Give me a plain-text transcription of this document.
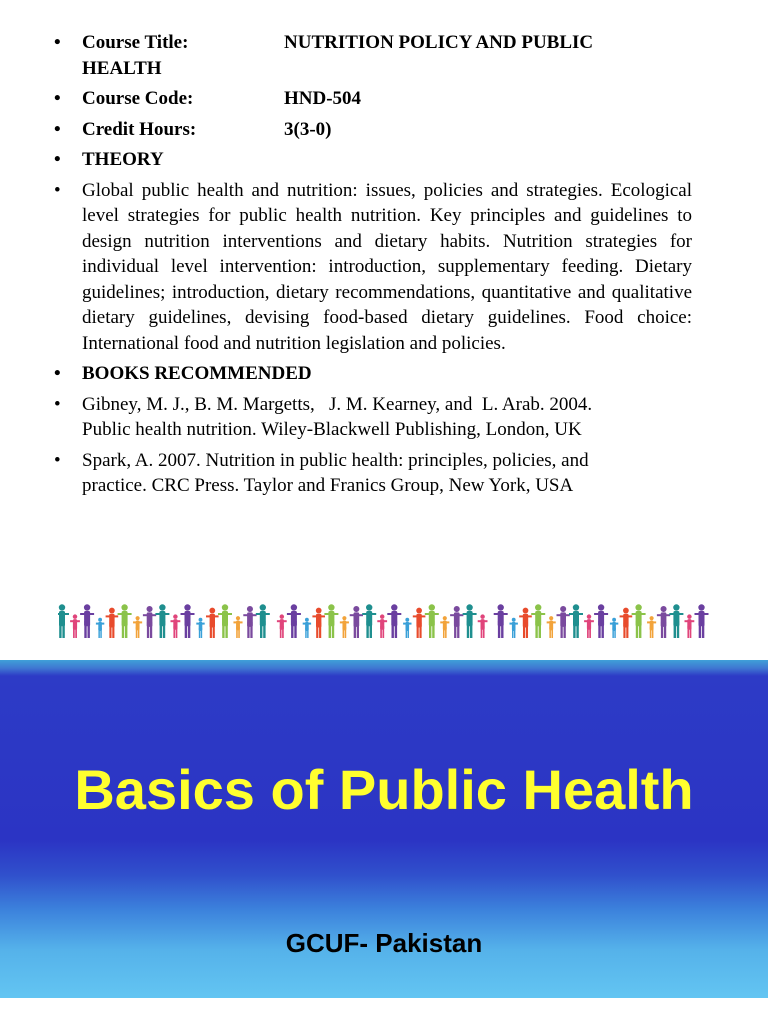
• Course Title:	NUTRITION POLICY AND PUBLIC
HEALTH
• Course Code:	HND-504
• Credit Hours:	3(3-0)
• THEORY
• Global public health and nutrition: issues, policies and strategies. Ecological level strategies for public health nutrition. Key principles and guidelines to design nutrition interventions and dietary habits. Nutrition strategies for individual level intervention: introduction, supplementary feeding. Dietary guidelines; introduction, dietary recommendations, quantitative and qualitative dietary guidelines, devising food-based dietary guidelines. Food choice: International food and nutrition legislation and policies.
• BOOKS RECOMMENDED
• Gibney, M. J., B. M. Margetts,   J. M. Kearney, and  L. Arab. 2004.
Public health nutrition. Wiley-Blackwell Publishing, London, UK
• Spark, A. 2007. Nutrition in public health: principles, policies, and
practice. CRC Press. Taylor and Franics Group, New York, USA
Basics of Public Health
GCUF- Pakistan
